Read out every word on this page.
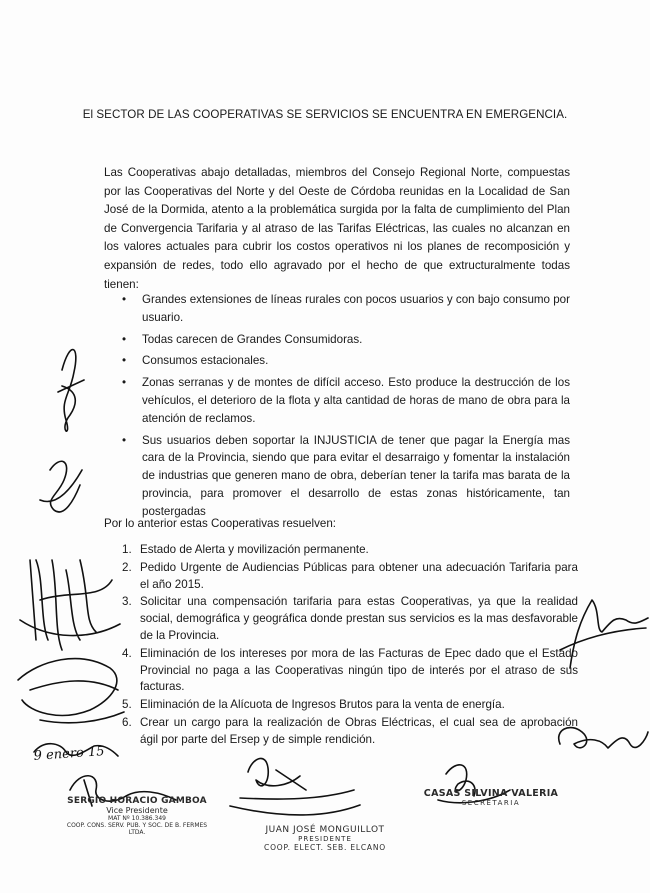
El SECTOR DE LAS COOPERATIVAS SE SERVICIOS SE ENCUENTRA EN EMERGENCIA.
Las Cooperativas abajo detalladas, miembros del Consejo Regional Norte, compuestas por las Cooperativas del Norte y del Oeste de Córdoba reunidas en la Localidad de San José de la Dormida, atento a la problemática surgida por la falta de cumplimiento del Plan de Convergencia Tarifaria y al atraso de las Tarifas Eléctricas, las cuales no alcanzan en los valores actuales para cubrir los costos operativos ni los planes de recomposición y expansión de redes, todo ello agravado por el hecho de que extructuralmente todas tienen:
• Grandes extensiones de líneas rurales con pocos usuarios y con bajo consumo por usuario.
• Todas carecen de Grandes Consumidoras.
• Consumos estacionales.
• Zonas serranas y de montes de difícil acceso. Esto produce la destrucción de los vehículos, el deterioro de la flota y alta cantidad de horas de mano de obra para la atención de reclamos.
• Sus usuarios deben soportar la INJUSTICIA de tener que pagar la Energía mas cara de la Provincia, siendo que para evitar el desarraigo y fomentar la instalación de industrias que generen mano de obra, deberían tener la tarifa mas barata de la provincia, para promover el desarrollo de estas zonas históricamente, tan postergadas
Por lo anterior estas Cooperativas resuelven:
1. Estado de Alerta y movilización permanente.
2. Pedido Urgente de Audiencias Públicas para obtener una adecuación Tarifaria para el año 2015.
3. Solicitar una compensación tarifaria para estas Cooperativas, ya que la realidad social, demográfica y geográfica donde prestan sus servicios es la mas desfavorable de la Provincia.
4. Eliminación de los intereses por mora de las Facturas de Epec dado que el Estado Provincial no paga a las Cooperativas ningún tipo de interés por el atraso de sus facturas.
5. Eliminación de la Alícuota de Ingresos Brutos para la venta de energía.
6. Crear un cargo para la realización de Obras Eléctricas, el cual sea de aprobación ágil por parte del Ersep y de simple rendición.
9 enero 15
SERGIO HORACIO GAMBOA
Vice Presidente
MAT Nº 10.386.349
COOP. CONS. SERV. PUB. Y SOC. DE B. FERMES LTDA.	JUAN JOSÉ MONGUILLOT
PRESIDENTE
COOP. ELECT. SEB. ELCANO
CASAS SILVINA VALERIA
SECRETARIA
